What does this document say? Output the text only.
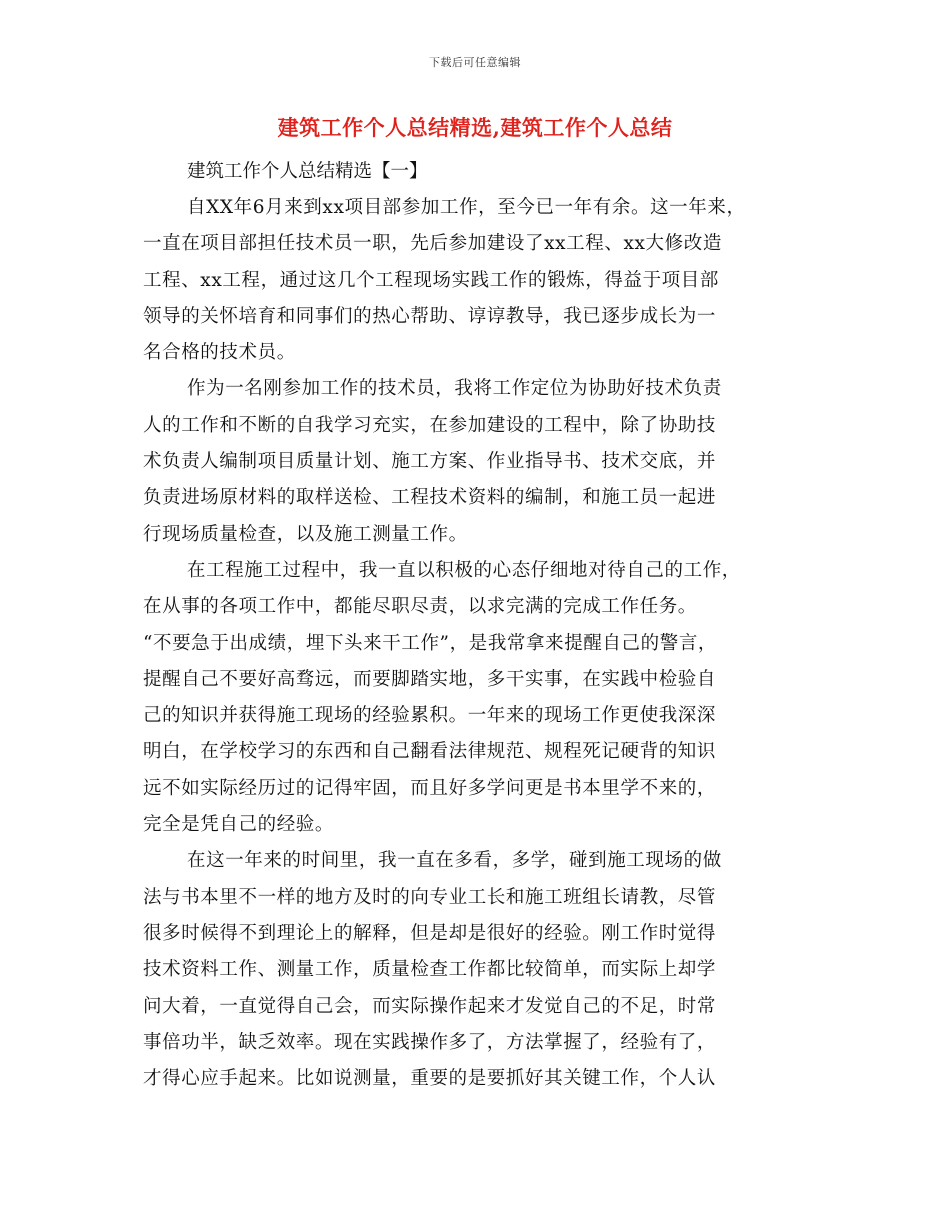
下载后可任意编辑
建筑工作个人总结精选,建筑工作个人总结
建筑工作个人总结精选【一】
自XX年6月来到xx项目部参加工作，至今已一年有余。这一年来，
一直在项目部担任技术员一职，先后参加建设了xx工程、xx大修改造
工程、xx工程，通过这几个工程现场实践工作的锻炼，得益于项目部
领导的关怀培育和同事们的热心帮助、谆谆教导，我已逐步成长为一
名合格的技术员。
作为一名刚参加工作的技术员，我将工作定位为协助好技术负责
人的工作和不断的自我学习充实，在参加建设的工程中，除了协助技
术负责人编制项目质量计划、施工方案、作业指导书、技术交底，并
负责进场原材料的取样送检、工程技术资料的编制，和施工员一起进
行现场质量检查，以及施工测量工作。
在工程施工过程中，我一直以积极的心态仔细地对待自己的工作，
在从事的各项工作中，都能尽职尽责，以求完满的完成工作任务。
“不要急于出成绩，埋下头来干工作”，是我常拿来提醒自己的警言，
提醒自己不要好高骛远，而要脚踏实地，多干实事，在实践中检验自
己的知识并获得施工现场的经验累积。一年来的现场工作更使我深深
明白，在学校学习的东西和自己翻看法律规范、规程死记硬背的知识
远不如实际经历过的记得牢固，而且好多学问更是书本里学不来的，
完全是凭自己的经验。
在这一年来的时间里，我一直在多看，多学，碰到施工现场的做
法与书本里不一样的地方及时的向专业工长和施工班组长请教，尽管
很多时候得不到理论上的解释，但是却是很好的经验。刚工作时觉得
技术资料工作、测量工作，质量检查工作都比较简单，而实际上却学
问大着，一直觉得自己会，而实际操作起来才发觉自己的不足，时常
事倍功半，缺乏效率。现在实践操作多了，方法掌握了，经验有了，
才得心应手起来。比如说测量，重要的是要抓好其关键工作，个人认
